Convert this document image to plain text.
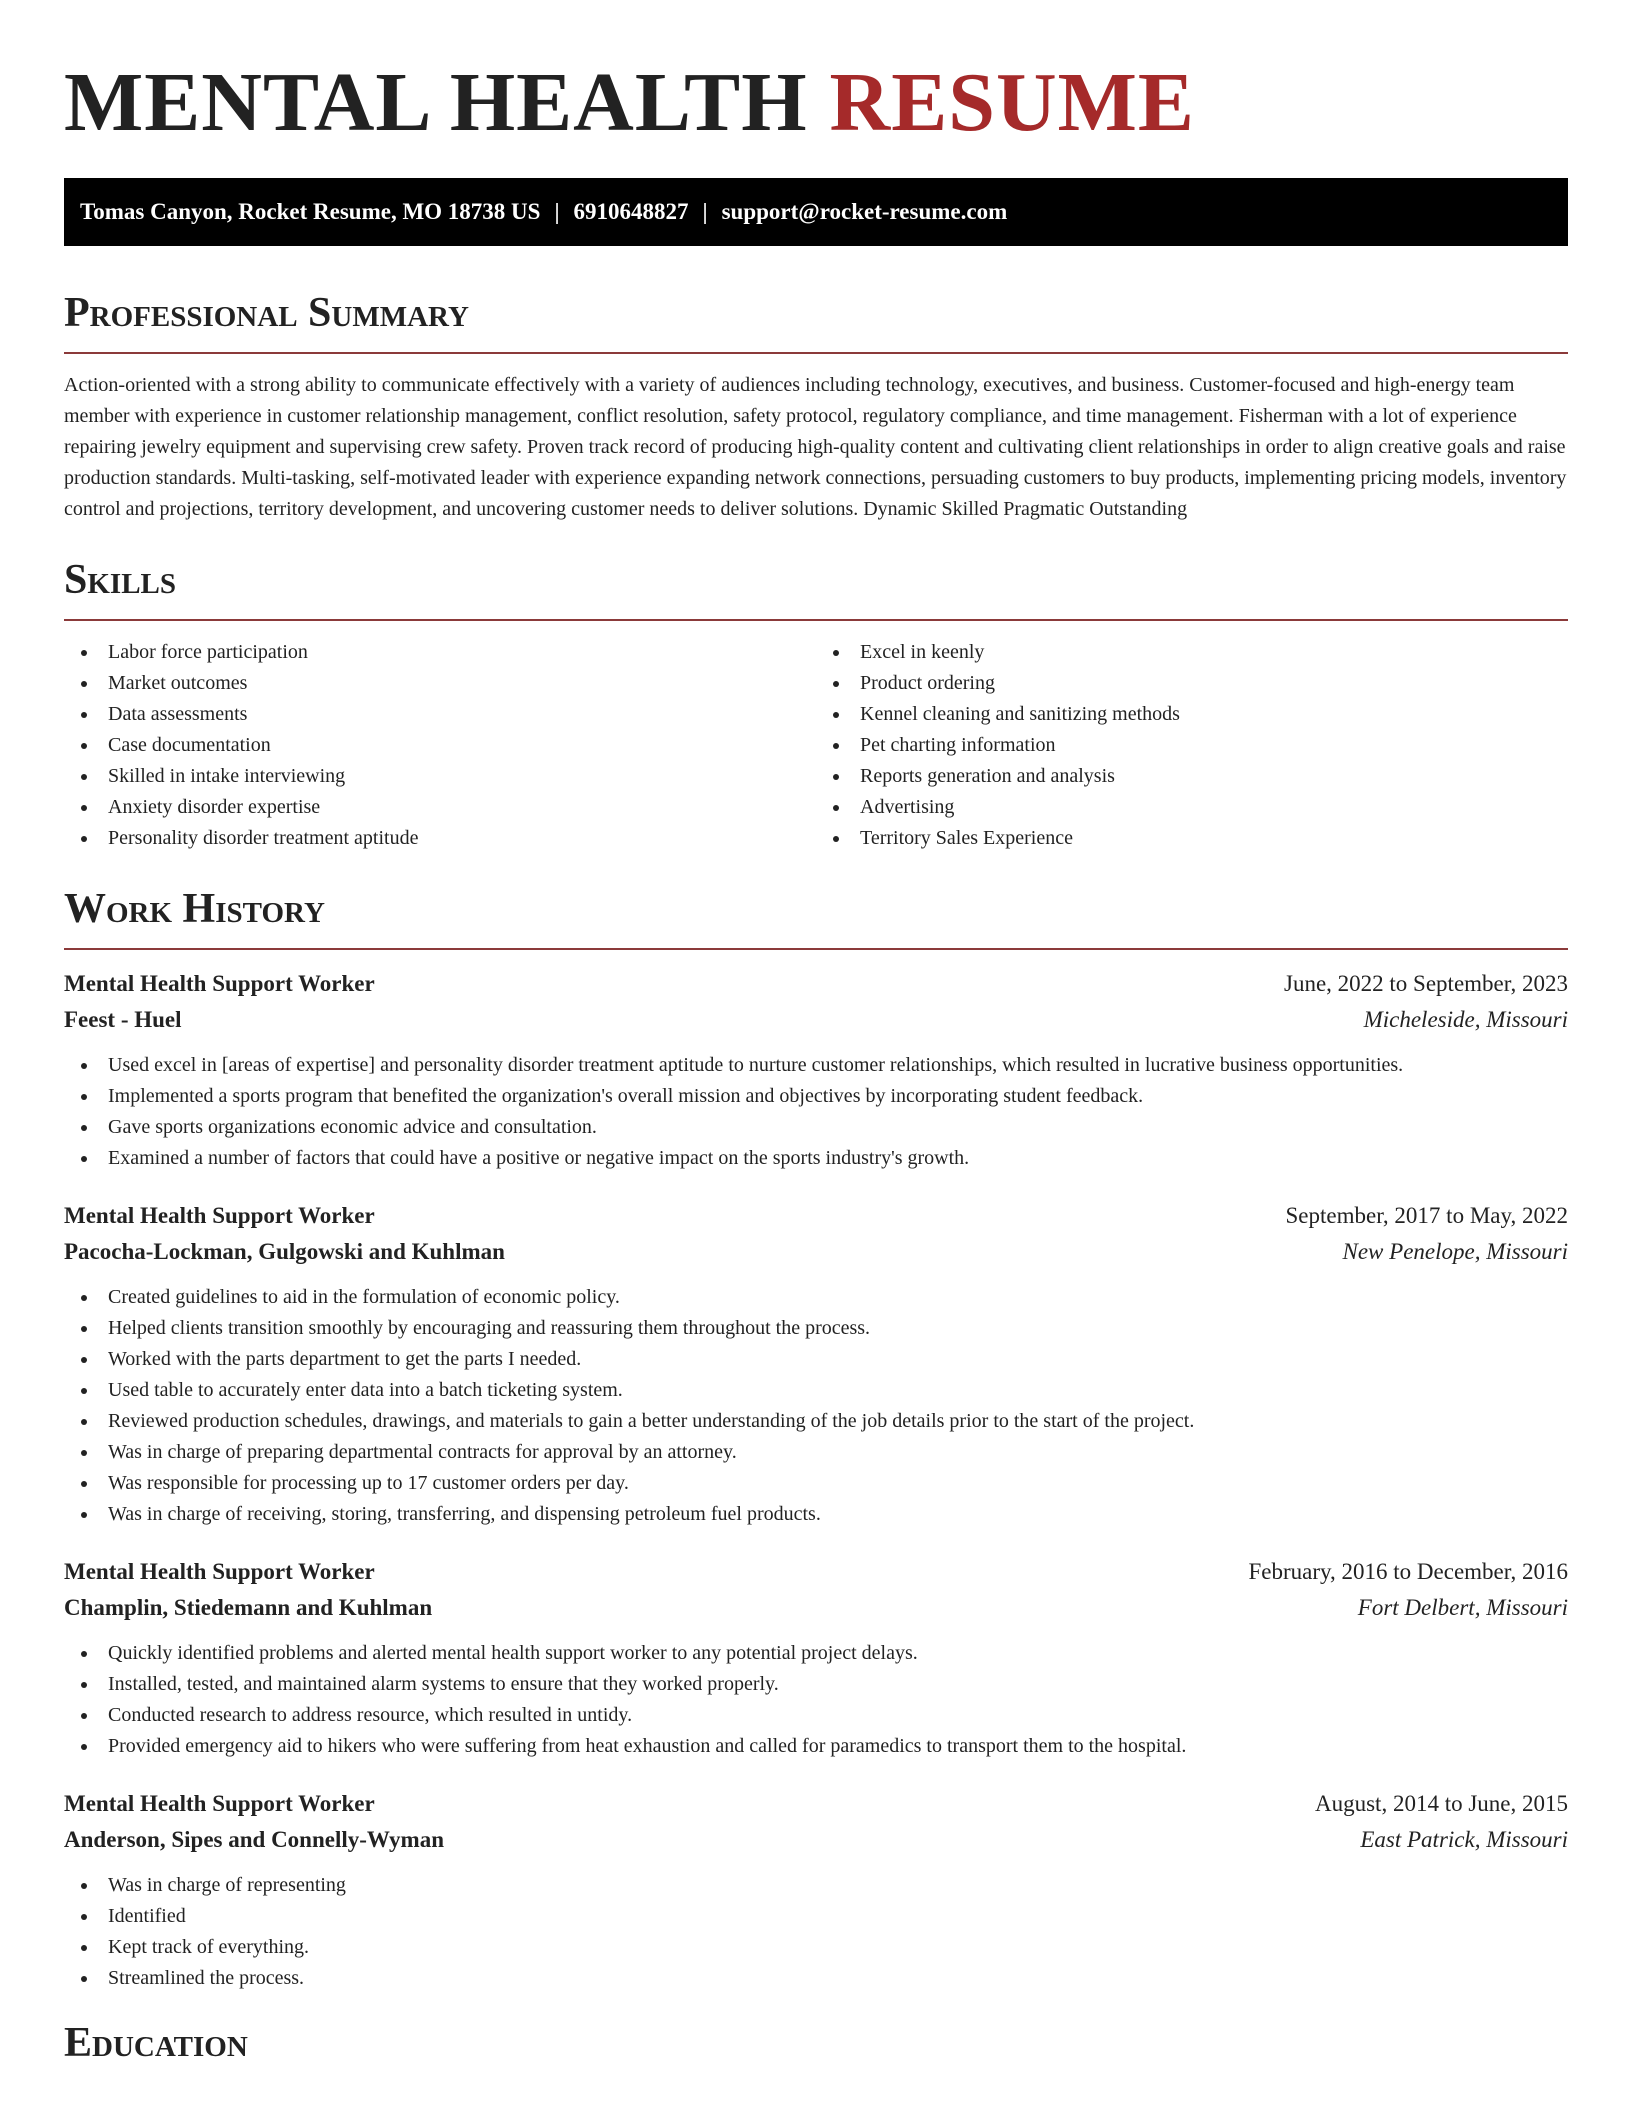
MENTAL HEALTH RESUME
Tomas Canyon, Rocket Resume, MO 18738 US | 6910648827 | support@rocket-resume.com
Professional Summary

Action-oriented with a strong ability to communicate effectively with a variety of audiences including technology, executives, and business. Customer-focused and high-energy team member with experience in customer relationship management, conflict resolution, safety protocol, regulatory compliance, and time management. Fisherman with a lot of experience repairing jewelry equipment and supervising crew safety. Proven track record of producing high-quality content and cultivating client relationships in order to align creative goals and raise production standards. Multi-tasking, self-motivated leader with experience expanding network connections, persuading customers to buy products, implementing pricing models, inventory control and projections, territory development, and uncovering customer needs to deliver solutions. Dynamic Skilled Pragmatic Outstanding

Skills
Labor force participation
Market outcomes
Data assessments
Case documentation
Skilled in intake interviewing
Anxiety disorder expertise
Personality disorder treatment aptitude
Excel in keenly
Product ordering
Kennel cleaning and sanitizing methods
Pet charting information
Reports generation and analysis
Advertising
Territory Sales Experience
Work History
Mental Health Support Worker	June, 2022 to September, 2023
Feest - Huel	Micheleside, Missouri
Used excel in [areas of expertise] and personality disorder treatment aptitude to nurture customer relationships, which resulted in lucrative business opportunities.
Implemented a sports program that benefited the organization's overall mission and objectives by incorporating student feedback.
Gave sports organizations economic advice and consultation.
Examined a number of factors that could have a positive or negative impact on the sports industry's growth.
Mental Health Support Worker	September, 2017 to May, 2022
Pacocha-Lockman, Gulgowski and Kuhlman	New Penelope, Missouri
Created guidelines to aid in the formulation of economic policy.
Helped clients transition smoothly by encouraging and reassuring them throughout the process.
Worked with the parts department to get the parts I needed.
Used table to accurately enter data into a batch ticketing system.
Reviewed production schedules, drawings, and materials to gain a better understanding of the job details prior to the start of the project.
Was in charge of preparing departmental contracts for approval by an attorney.
Was responsible for processing up to 17 customer orders per day.
Was in charge of receiving, storing, transferring, and dispensing petroleum fuel products.
Mental Health Support Worker	February, 2016 to December, 2016
Champlin, Stiedemann and Kuhlman	Fort Delbert, Missouri
Quickly identified problems and alerted mental health support worker to any potential project delays.
Installed, tested, and maintained alarm systems to ensure that they worked properly.
Conducted research to address resource, which resulted in untidy.
Provided emergency aid to hikers who were suffering from heat exhaustion and called for paramedics to transport them to the hospital.
Mental Health Support Worker	August, 2014 to June, 2015
Anderson, Sipes and Connelly-Wyman	East Patrick, Missouri
Was in charge of representing
Identified
Kept track of everything.
Streamlined the process.
Education
